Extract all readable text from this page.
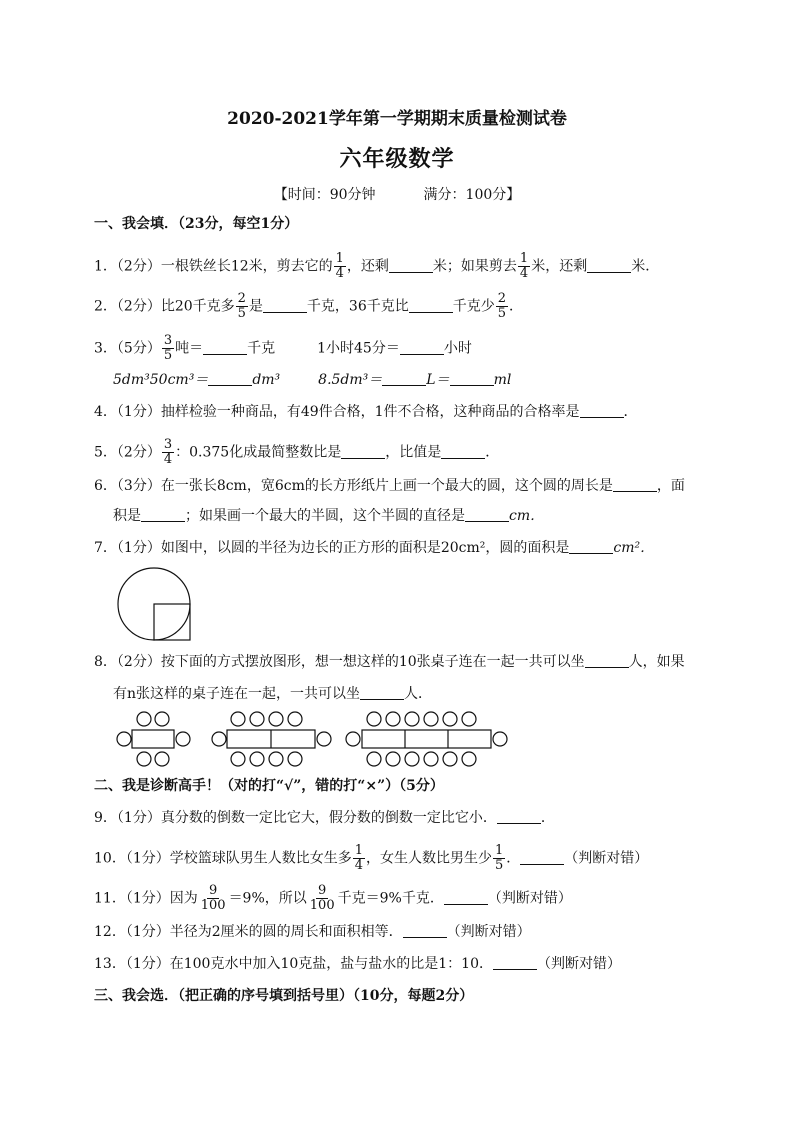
2020-2021学年第一学期期末质量检测试卷
六年级数学
【时间：90分钟	满分：100分】
一、我会填．（23分，每空1分）
1．（2分）一根铁丝长12米，剪去它的 $\frac{1}{4}$ ，还剩	米；如果剪去 $\frac{1}{4}$ 米，还剩	米．
2．（2分）比20千克多 $\frac{2}{5}$ 是	千克，36千克比	千克少 $\frac{2}{5}$ ．
3．（5分） $\frac{3}{5}$ 吨＝	千克	1小时45分＝	小时
5dm³50cm³＝	dm³	8.5dm³＝	L＝	ml
4．（1分）抽样检验一种商品，有49件合格，1件不合格，这种商品的合格率是	．
5．（2分） $\frac{3}{4}$ ：0.375化成最简整数比是	，比值是	．
6．（3分）在一张长8cm，宽6cm的长方形纸片上画一个最大的圆，这个圆的周长是	，面
积是	；如果画一个最大的半圆，这个半圆的直径是	cm．
7．（1分）如图中，以圆的半径为边长的正方形的面积是20cm²，圆的面积是	cm²．
8．（2分）按下面的方式摆放图形，想一想这样的10张桌子连在一起一共可以坐	人，如果
有n张这样的桌子连在一起，一共可以坐	人．
二、我是诊断高手！（对的打“√”，错的打“×”）（5分）
9．（1分）真分数的倒数一定比它大，假分数的倒数一定比它小．	．
10．（1分）学校篮球队男生人数比女生多 $\frac{1}{4}$ ，女生人数比男生少 $\frac{1}{5}$ ．	（判断对错）
11．（1分）因为 $\frac{9}{100} =9\%$，所以 $\frac{9}{100}$ 千克＝9%千克．	（判断对错）
12．（1分）半径为2厘米的圆的周长和面积相等．	（判断对错）
13．（1分）在100克水中加入10克盐，盐与盐水的比是1：10．	（判断对错）
三、我会选．（把正确的序号填到括号里）（10分，每题2分）
